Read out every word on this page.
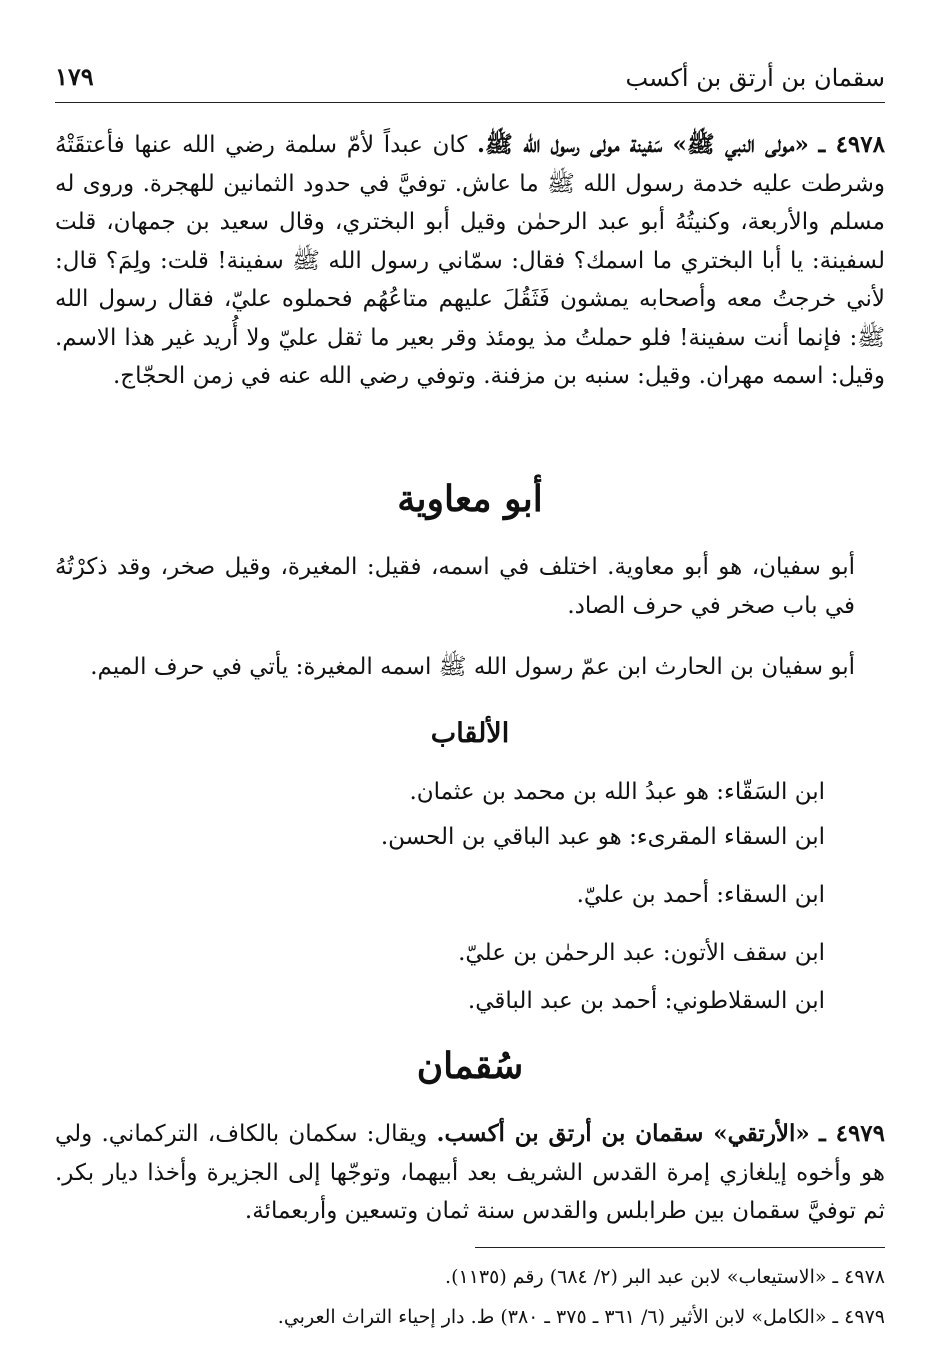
سقمان بن أرتق بن أكسب
١٧٩
٤٩٧٨ ـ «مولى النبي ﷺ» سَفينة مولى رسول الله ﷺ. كان عبداً لأمّ سلمة رضي الله عنها فأعتقَتْهُ وشرطت عليه خدمة رسول الله ﷺ ما عاش. توفيَّ في حدود الثمانين للهجرة. وروى له مسلم والأربعة، وكنيتُهُ أبو عبد الرحمٰن وقيل أبو البختري، وقال سعيد بن جمهان، قلت لسفينة: يا أبا البختري ما اسمك؟ فقال: سمّاني رسول الله ﷺ سفينة! قلت: ولِمَ؟ قال: لأني خرجتُ معه وأصحابه يمشون فَثَقُلَ عليهم متاعُهُم فحملوه عليّ، فقال رسول الله ﷺ: فإنما أنت سفينة! فلو حملتُ مذ يومئذ وقر بعير ما ثقل عليّ ولا أُريد غير هذا الاسم. وقيل: اسمه مهران. وقيل: سنبه بن مزفنة. وتوفي رضي الله عنه في زمن الحجّاج.
أبو معاوية
أبو سفيان، هو أبو معاوية. اختلف في اسمه، فقيل: المغيرة، وقيل صخر، وقد ذكرْتُهُ في باب صخر في حرف الصاد.
أبو سفيان بن الحارث ابن عمّ رسول الله ﷺ اسمه المغيرة: يأتي في حرف الميم.
الألقاب
ابن السَقّاء: هو عبدُ الله بن محمد بن عثمان.
ابن السقاء المقرىء: هو عبد الباقي بن الحسن.
ابن السقاء: أحمد بن عليّ.
ابن سقف الأتون: عبد الرحمٰن بن عليّ.
ابن السقلاطوني: أحمد بن عبد الباقي.
سُقمان
٤٩٧٩ ـ «الأرتقي» سقمان بن أرتق بن أكسب. ويقال: سكمان بالكاف، التركماني. ولي هو وأخوه إيلغازي إمرة القدس الشريف بعد أبيهما، وتوجّها إلى الجزيرة وأخذا ديار بكر. ثم توفيَّ سقمان بين طرابلس والقدس سنة ثمان وتسعين وأربعمائة.
٤٩٧٨ ـ «الاستيعاب» لابن عبد البر (٢/ ٦٨٤) رقم (١١٣٥).
٤٩٧٩ ـ «الكامل» لابن الأثير (٦/ ٣٦١ ـ ٣٧٥ ـ ٣٨٠) ط. دار إحياء التراث العربي.
